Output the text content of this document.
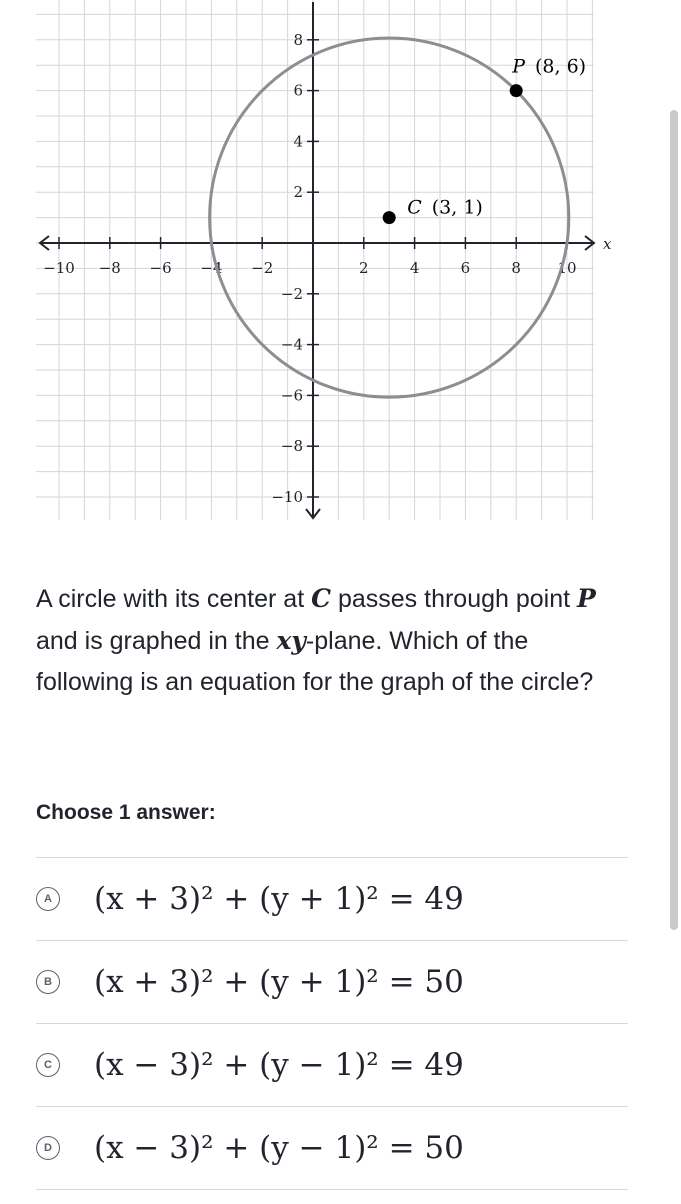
x
−10 −8 −6 −4 −2	2	4	6	8 10
8
6
4
2
−2
−4
−6
−8
−10
P (8, 6)
C (3, 1)
A circle with its center at C passes through point P and is graphed in the xy-plane. Which of the following is an equation for the graph of the circle?
Choose 1 answer:
A (x + 3)² + (y + 1)² = 49
B (x + 3)² + (y + 1)² = 50
C (x − 3)² + (y − 1)² = 49
D (x − 3)² + (y − 1)² = 50
